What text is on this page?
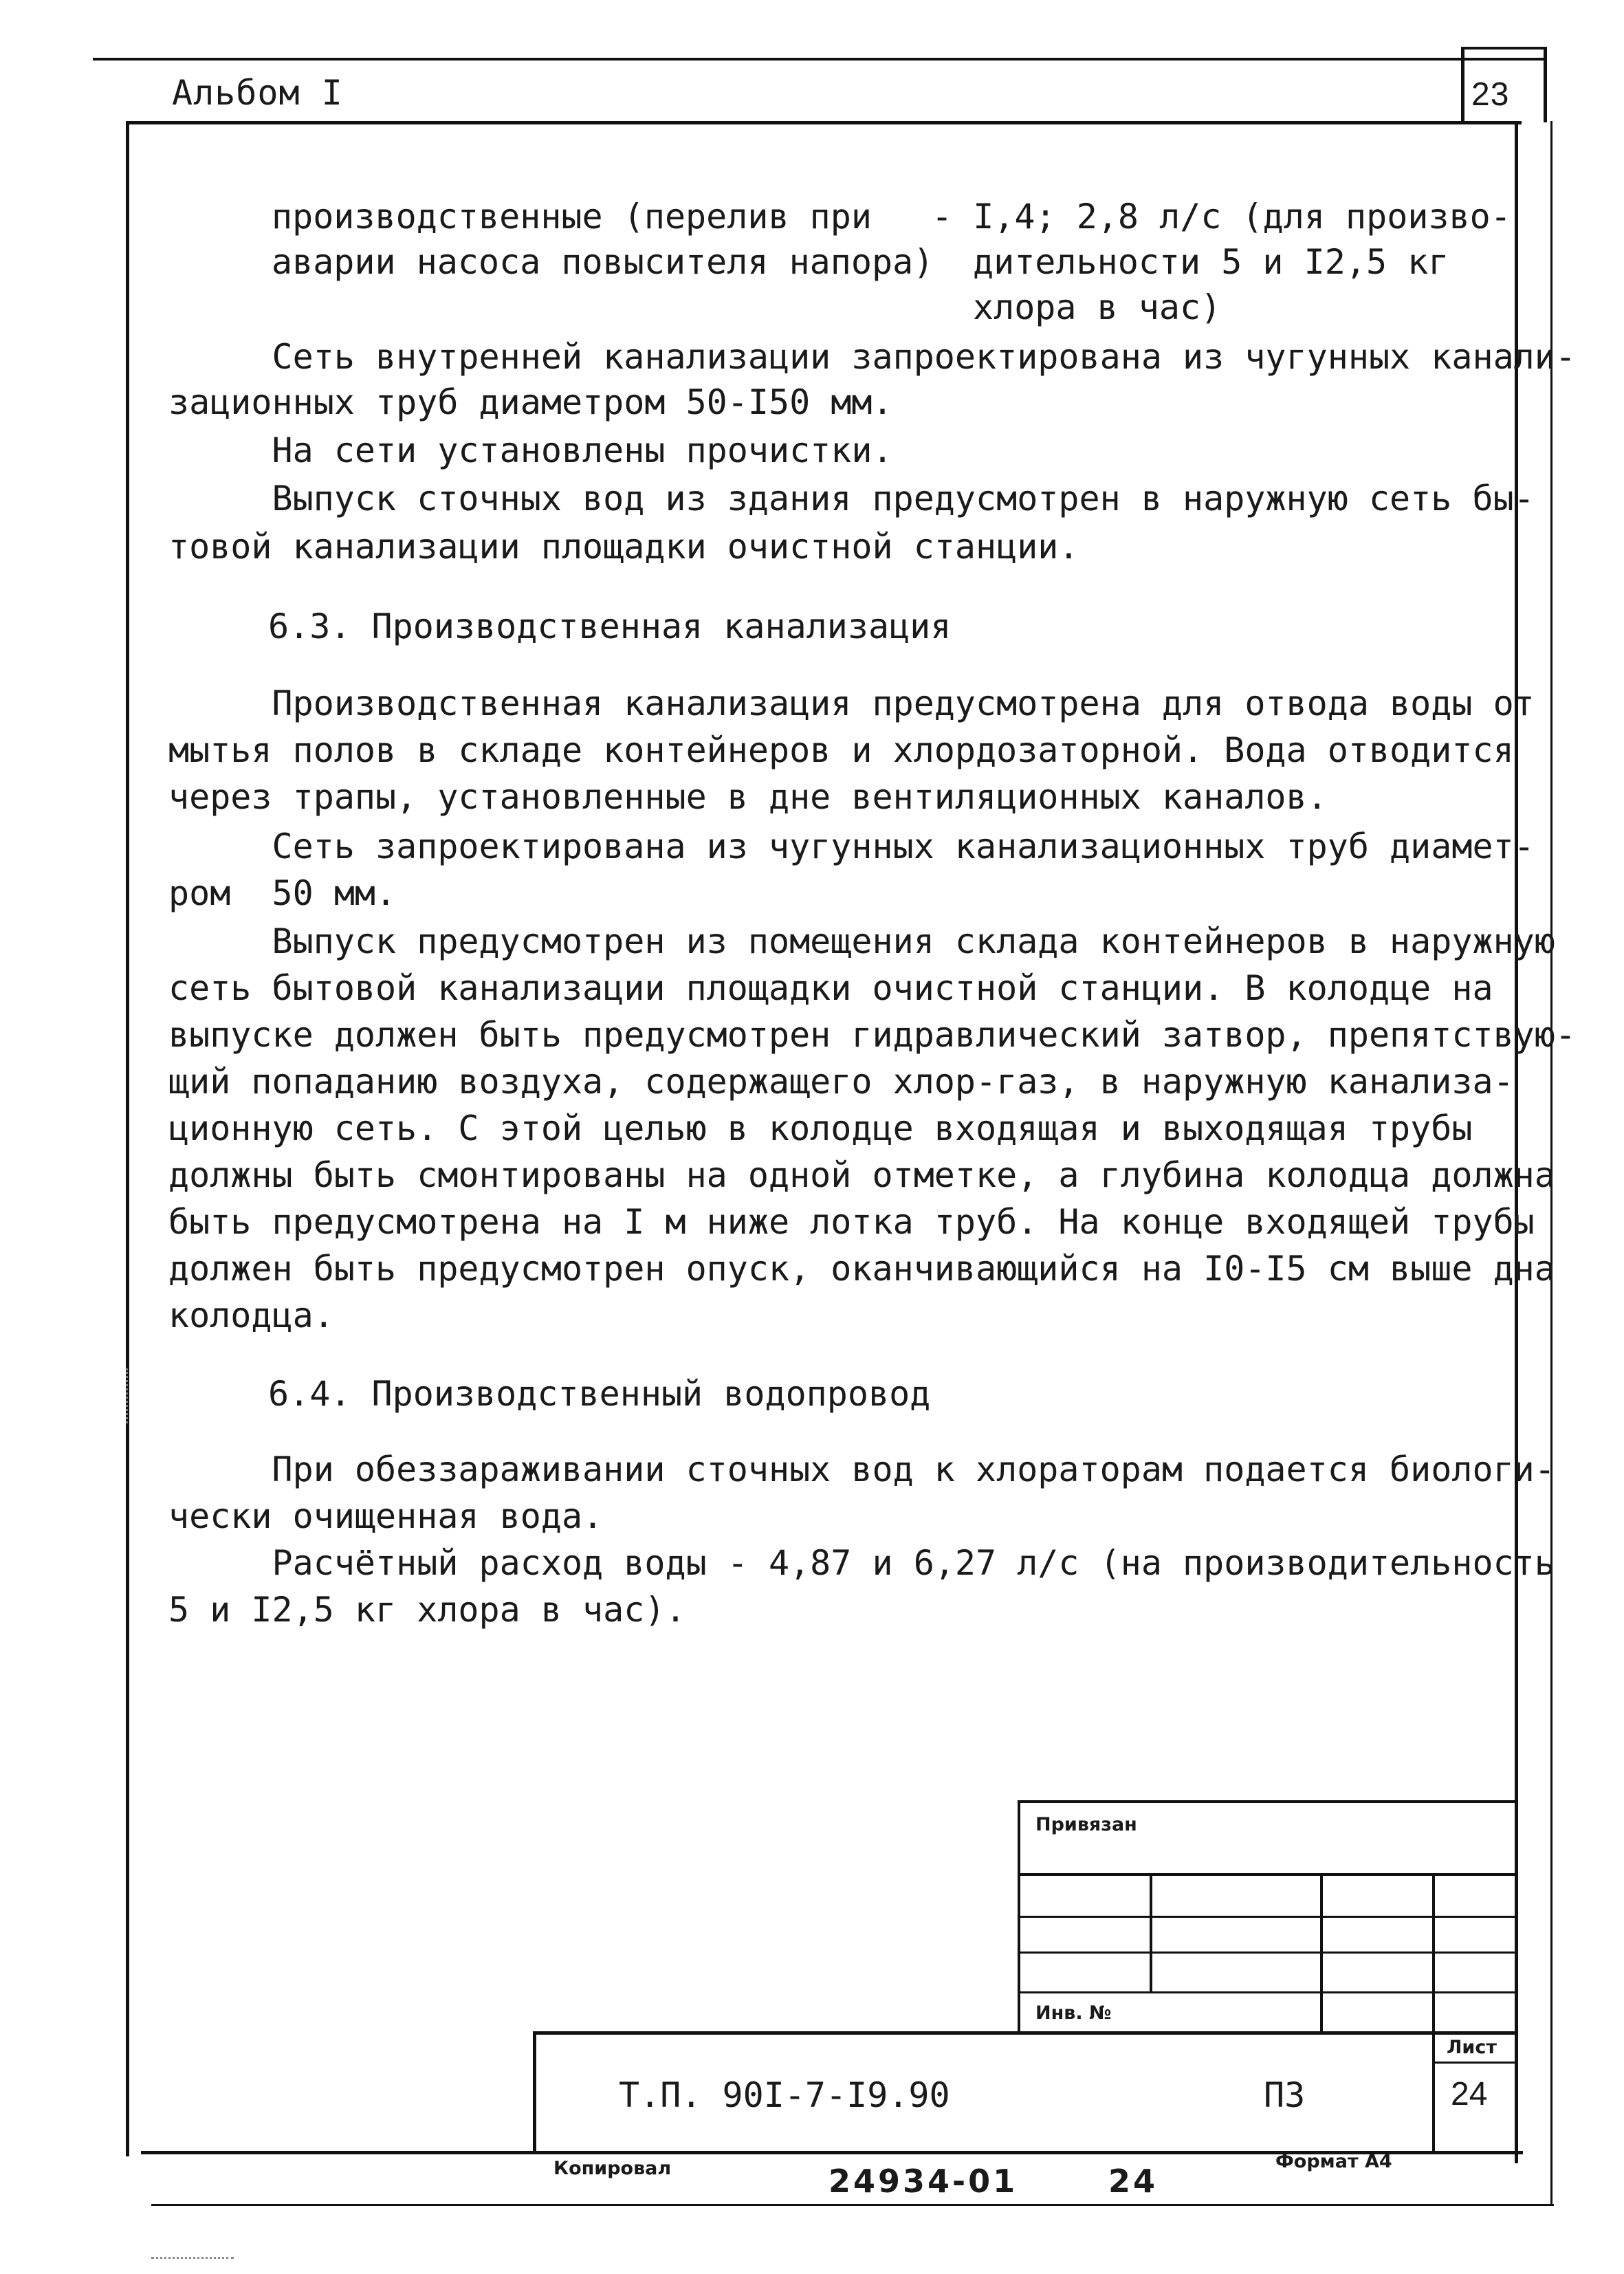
Альбом I	23
производственные (перелив при
аварии насоса повысителя напора)
- I,4; 2,8 л/с (для произво-
дительности 5 и I2,5 кг
хлора в час)
Сеть внутренней канализации запроектирована из чугунных канали-
зационных труб диаметром 50-I50 мм.
На сети установлены прочистки.
Выпуск сточных вод из здания предусмотрен в наружную сеть бы-
товой канализации площадки очистной станции.
6.3. Производственная канализация
Производственная канализация предусмотрена для отвода воды от
мытья полов в складе контейнеров и хлордозаторной. Вода отводится
через трапы, установленные в дне вентиляционных каналов.
Сеть запроектирована из чугунных канализационных труб диамет-
ром  50 мм.
Выпуск предусмотрен из помещения склада контейнеров в наружную
сеть бытовой канализации площадки очистной станции. В колодце на
выпуске должен быть предусмотрен гидравлический затвор, препятствую-
щий попаданию воздуха, содержащего хлор-газ, в наружную канализа-
ционную сеть. С этой целью в колодце входящая и выходящая трубы
должны быть смонтированы на одной отметке, а глубина колодца должна
быть предусмотрена на I м ниже лотка труб. На конце входящей трубы
должен быть предусмотрен опуск, оканчивающийся на I0-I5 см выше дна
колодца.
6.4. Производственный водопровод
При обеззараживании сточных вод к хлораторам подается биологи-
чески очищенная вода.
Расчётный расход воды - 4,87 и 6,27 л/с (на производительность
5 и I2,5 кг хлора в час).
Привязан
Инв. №
Лист
Т.П. 90I-7-I9.90	ПЗ	24
Копировал	24934-01	24
Формат А4
